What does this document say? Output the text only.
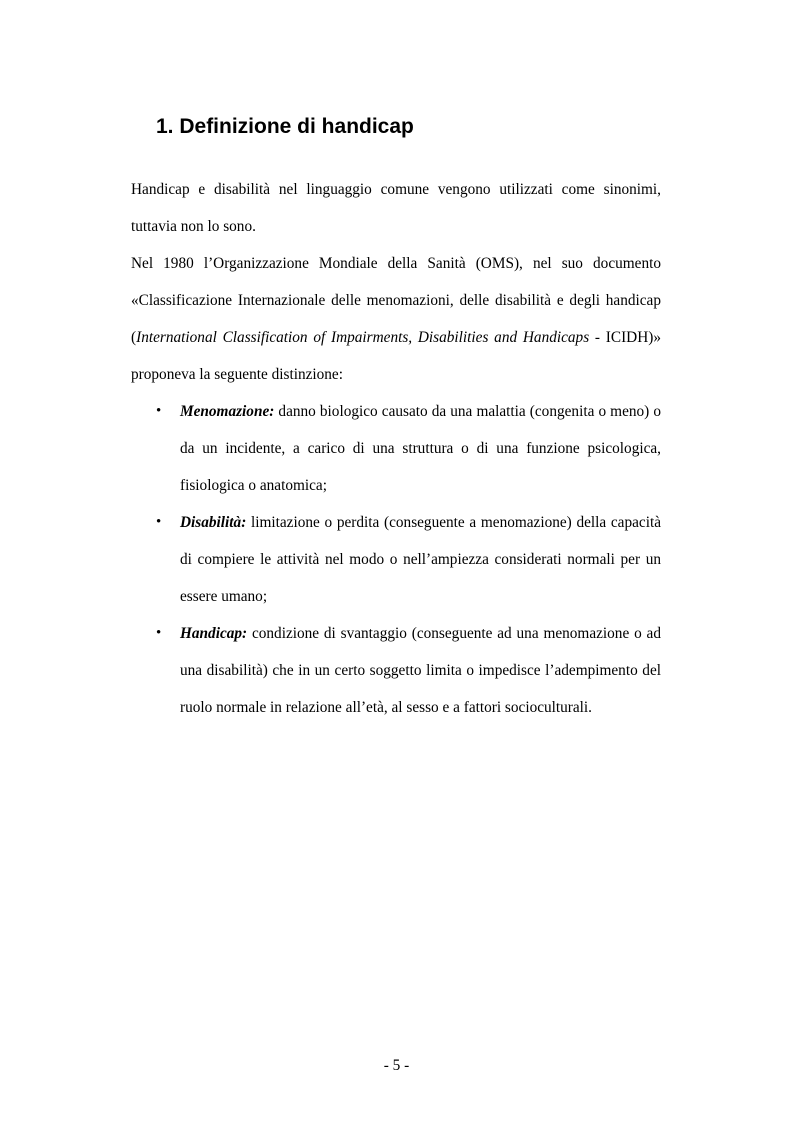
1. Definizione di handicap

Handicap e disabilità nel linguaggio comune vengono utilizzati come sinonimi, tuttavia non lo sono.

Nel 1980 l’Organizzazione Mondiale della Sanità (OMS), nel suo documento «Classificazione Internazionale delle menomazioni, delle disabilità e degli handicap (International Classification of Impairments, Disabilities and Handicaps - ICIDH)» proponeva la seguente distinzione:

• Menomazione: danno biologico causato da una malattia (congenita o meno) o da un incidente, a carico di una struttura o di una funzione psicologica, fisiologica o anatomica;
• Disabilità: limitazione o perdita (conseguente a menomazione) della capacità di compiere le attività nel modo o nell’ampiezza considerati normali per un essere umano;
• Handicap: condizione di svantaggio (conseguente ad una menomazione o ad una disabilità) che in un certo soggetto limita o impedisce l’adempimento del ruolo normale in relazione all’età, al sesso e a fattori socioculturali.
- 5 -
